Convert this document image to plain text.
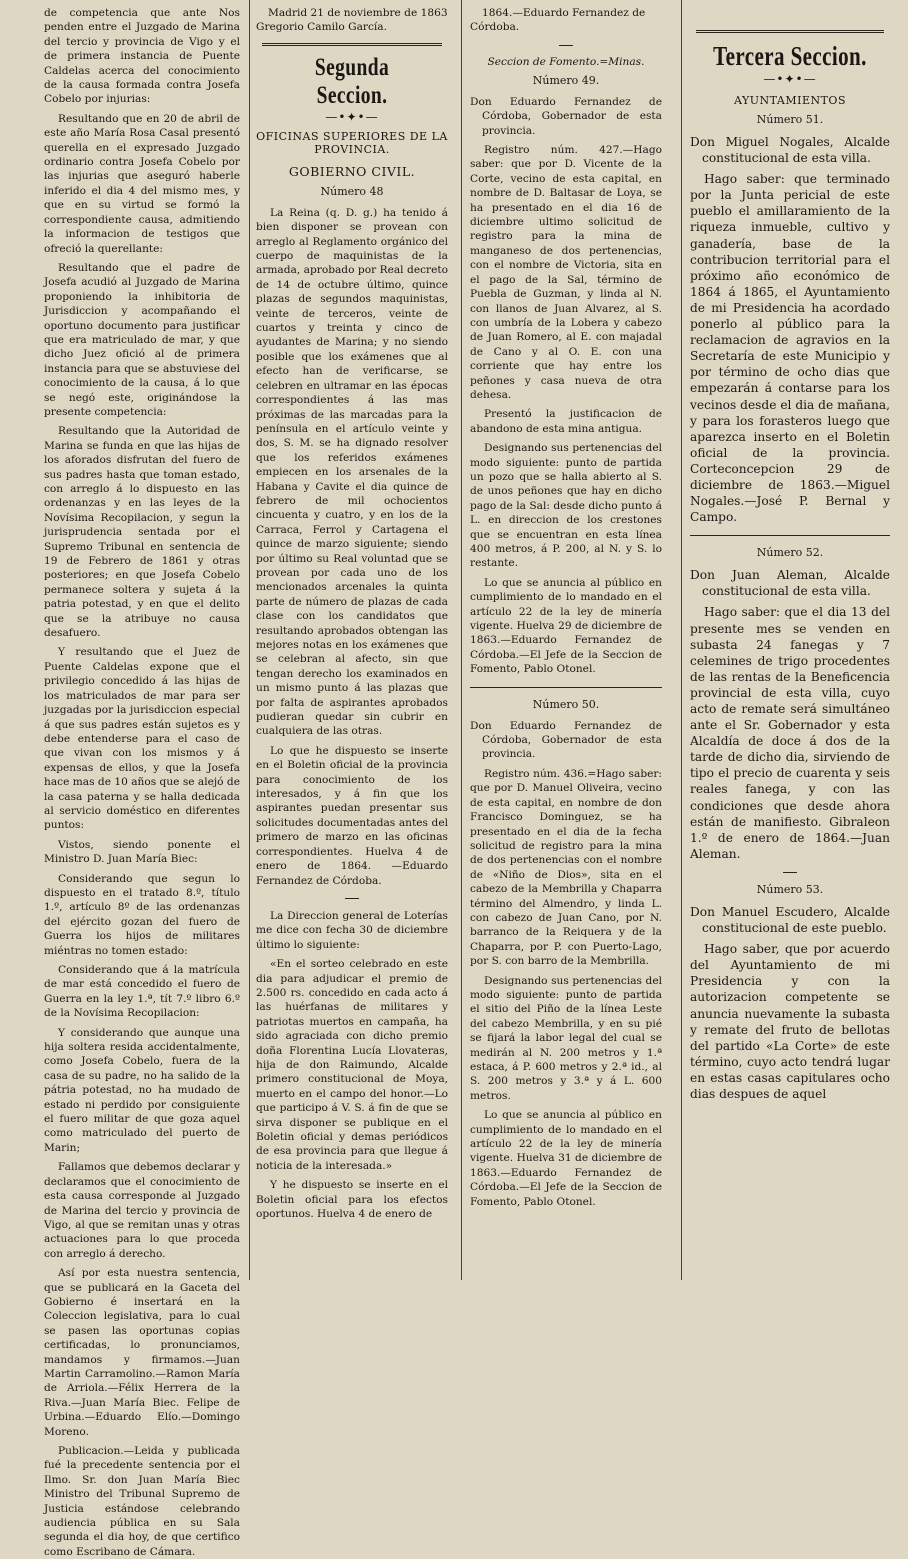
de competencia que ante Nos penden entre el Juzgado de Marina del tercio y provincia de Vigo y el de primera instancia de Puente Caldelas acerca del conocimiento de la causa formada contra Josefa Cobelo por injurias:

Resultando que en 20 de abril de este año María Rosa Casal presentó querella en el expresado Juzgado ordinario contra Josefa Cobelo por las injurias que aseguró haberle inferido el dia 4 del mismo mes, y que en su virtud se formó la correspondiente causa, admitiendo la informacion de testigos que ofreció la querellante:

Resultando que el padre de Josefa acudió al Juzgado de Marina proponiendo la inhibitoria de Jurisdiccion y acompañando el oportuno documento para justificar que era matriculado de mar, y que dicho Juez ofició al de primera instancia para que se abstuviese del conocimiento de la causa, á lo que se negó este, originándose la presente competencia:

Resultando que la Autoridad de Marina se funda en que las hijas de los aforados disfrutan del fuero de sus padres hasta que toman estado, con arreglo á lo dispuesto en las ordenanzas y en las leyes de la Novísima Recopilacion, y segun la jurisprudencia sentada por el Supremo Tribunal en sentencia de 19 de Febrero de 1861 y otras posteriores; en que Josefa Cobelo permanece soltera y sujeta á la patria potestad, y en que el delito que se la atribuye no causa desafuero.

Y resultando que el Juez de Puente Caldelas expone que el privilegio concedido á las hijas de los matriculados de mar para ser juzgadas por la jurisdiccion especial á que sus padres están sujetos es y debe entenderse para el caso de que vivan con los mismos y á expensas de ellos, y que la Josefa hace mas de 10 años que se alejó de la casa paterna y se halla dedicada al servicio doméstico en diferentes puntos:

Vistos, siendo ponente el Ministro D. Juan María Biec:

Considerando que segun lo dispuesto en el tratado 8.º, título 1.º, artículo 8º de las ordenanzas del ejército gozan del fuero de Guerra los hijos de militares miéntras no tomen estado:

Considerando que á la matrícula de mar está concedido el fuero de Guerra en la ley 1.ª, tít 7.º libro 6.º de la Novísima Recopilacion:

Y considerando que aunque una hija soltera resida accidentalmente, como Josefa Cobelo, fuera de la casa de su padre, no ha salido de la pátria potestad, no ha mudado de estado ni perdido por consiguiente el fuero militar de que goza aquel como matriculado del puerto de Marin;

Fallamos que debemos declarar y declaramos que el conocimiento de esta causa corresponde al Juzgado de Marina del tercio y provincia de Vigo, al que se remitan unas y otras actuaciones para lo que proceda con arreglo á derecho.

Así por esta nuestra sentencia, que se publicará en la Gaceta del Gobierno é insertará en la Coleccion legislativa, para lo cual se pasen las oportunas copias certificadas, lo pronunciamos, mandamos y firmamos.—Juan Martin Carramolino.—Ramon María de Arriola.—Félix Herrera de la Riva.—Juan María Biec. Felipe de Urbina.—Eduardo Elío.—Domingo Moreno.

Publicacion.—Leida y publicada fué la precedente sentencia por el Ilmo. Sr. don Juan María Biec Ministro del Tribunal Supremo de Justicia estándose celebrando audiencia pública en su Sala segunda el dia hoy, de que certifico como Escribano de Cámara.

Madrid 21 de noviembre de 1863 Gregorio Camilo García.

Segunda Seccion.
—•✦•—
OFICINAS SUPERIORES DE LA PROVINCIA.
GOBIERNO CIVIL.
Número 48

La Reina (q. D. g.) ha tenido á bien disponer se provean con arreglo al Reglamento orgánico del cuerpo de maquinistas de la armada, aprobado por Real decreto de 14 de octubre último, quince plazas de segundos maquinistas, veinte de terceros, veinte de cuartos y treinta y cinco de ayudantes de Marina; y no siendo posible que los exámenes que al efecto han de verificarse, se celebren en ultramar en las épocas correspondientes á las mas próximas de las marcadas para la península en el artículo veinte y dos, S. M. se ha dignado resolver que los referidos exámenes empiecen en los arsenales de la Habana y Cavite el dia quince de febrero de mil ochocientos cincuenta y cuatro, y en los de la Carraca, Ferrol y Cartagena el quince de marzo siguiente; siendo por último su Real voluntad que se provean por cada uno de los mencionados arcenales la quinta parte de número de plazas de cada clase con los candidatos que resultando aprobados obtengan las mejores notas en los exámenes que se celebran al afecto, sin que tengan derecho los examinados en un mismo punto á las plazas que por falta de aspirantes aprobados pudieran quedar sin cubrir en cualquiera de las otras.

Lo que he dispuesto se inserte en el Boletin oficial de la provincia para conocimiento de los interesados, y á fin que los aspirantes puedan presentar sus solicitudes documentadas antes del primero de marzo en las oficinas correspondientes. Huelva 4 de enero de 1864. —Eduardo Fernandez de Córdoba.

La Direccion general de Loterías me dice con fecha 30 de diciembre último lo siguiente:

«En el sorteo celebrado en este dia para adjudicar el premio de 2.500 rs. concedido en cada acto á las huérfanas de militares y patriotas muertos en campaña, ha sido agraciada con dicho premio doña Florentina Lucía Llovateras, hija de don Raimundo, Alcalde primero constitucional de Moya, muerto en el campo del honor.—Lo que participo á V. S. á fin de que se sirva disponer se publique en el Boletin oficial y demas periódicos de esa provincia para que llegue á noticia de la interesada.»

Y he dispuesto se inserte en el Boletin oficial para los efectos oportunos. Huelva 4 de enero de

1864.—Eduardo Fernandez de Córdoba.

Seccion de Fomento.=Minas.
Número 49.

Don Eduardo Fernandez de Córdoba, Gobernador de esta provincia.

Registro núm. 427.—Hago saber: que por D. Vicente de la Corte, vecino de esta capital, en nombre de D. Baltasar de Loya, se ha presentado en el dia 16 de diciembre ultimo solicitud de registro para la mina de manganeso de dos pertenencias, con el nombre de Victoria, sita en el pago de la Sal, término de Puebla de Guzman, y linda al N. con llanos de Juan Alvarez, al S. con umbría de la Lobera y cabezo de Juan Romero, al E. con majadal de Cano y al O. E. con una corriente que hay entre los peñones y casa nueva de otra dehesa.

Presentó la justificacion de abandono de esta mina antigua.

Designando sus pertenencias del modo siguiente: punto de partida un pozo que se halla abierto al S. de unos peñones que hay en dicho pago de la Sal: desde dicho punto á L. en direccion de los crestones que se encuentran en esta línea 400 metros, á P. 200, al N. y S. lo restante.

Lo que se anuncia al público en cumplimiento de lo mandado en el artículo 22 de la ley de minería vigente. Huelva 29 de diciembre de 1863.—Eduardo Fernandez de Córdoba.—El Jefe de la Seccion de Fomento, Pablo Otonel.

Número 50.

Don Eduardo Fernandez de Córdoba, Gobernador de esta provincia.

Registro núm. 436.=Hago saber: que por D. Manuel Oliveira, vecino de esta capital, en nombre de don Francisco Dominguez, se ha presentado en el dia de la fecha solicitud de registro para la mina de dos pertenencias con el nombre de «Niño de Dios», sita en el cabezo de la Membrilla y Chaparra término del Almendro, y linda L. con cabezo de Juan Cano, por N. barranco de la Reiquera y de la Chaparra, por P. con Puerto-Lago, por S. con barro de la Membrilla.

Designando sus pertenencias del modo siguiente: punto de partida el sitio del Piño de la línea Leste del cabezo Membrilla, y en su pié se fijará la labor legal del cual se medirán al N. 200 metros y 1.ª estaca, á P. 600 metros y 2.ª id., al S. 200 metros y 3.ª y á L. 600 metros.

Lo que se anuncia al público en cumplimiento de lo mandado en el artículo 22 de la ley de minería vigente. Huelva 31 de diciembre de 1863.—Eduardo Fernandez de Córdoba.—El Jefe de la Seccion de Fomento, Pablo Otonel.

Tercera Seccion.
—•✦•—
AYUNTAMIENTOS
Número 51.

Don Miguel Nogales, Alcalde constitucional de esta villa.

Hago saber: que terminado por la Junta pericial de este pueblo el amillaramiento de la riqueza inmueble, cultivo y ganadería, base de la contribucion territorial para el próximo año económico de 1864 á 1865, el Ayuntamiento de mi Presidencia ha acordado ponerlo al público para la reclamacion de agravios en la Secretaría de este Municipio y por término de ocho dias que empezarán á contarse para los vecinos desde el dia de mañana, y para los forasteros luego que aparezca inserto en el Boletin oficial de la provincia. Corteconcepcion 29 de diciembre de 1863.—Miguel Nogales.—José P. Bernal y Campo.

Número 52.

Don Juan Aleman, Alcalde constitucional de esta villa.

Hago saber: que el dia 13 del presente mes se venden en subasta 24 fanegas y 7 celemines de trigo procedentes de las rentas de la Beneficencia provincial de esta villa, cuyo acto de remate será simultáneo ante el Sr. Gobernador y esta Alcaldía de doce á dos de la tarde de dicho dia, sirviendo de tipo el precio de cuarenta y seis reales fanega, y con las condiciones que desde ahora están de manifiesto. Gibraleon 1.º de enero de 1864.—Juan Aleman.

Número 53.

Don Manuel Escudero, Alcalde constitucional de este pueblo.

Hago saber, que por acuerdo del Ayuntamiento de mi Presidencia y con la autorizacion competente se anuncia nuevamente la subasta y remate del fruto de bellotas del partido «La Corte» de este término, cuyo acto tendrá lugar en estas casas capitulares ocho dias despues de aquel
